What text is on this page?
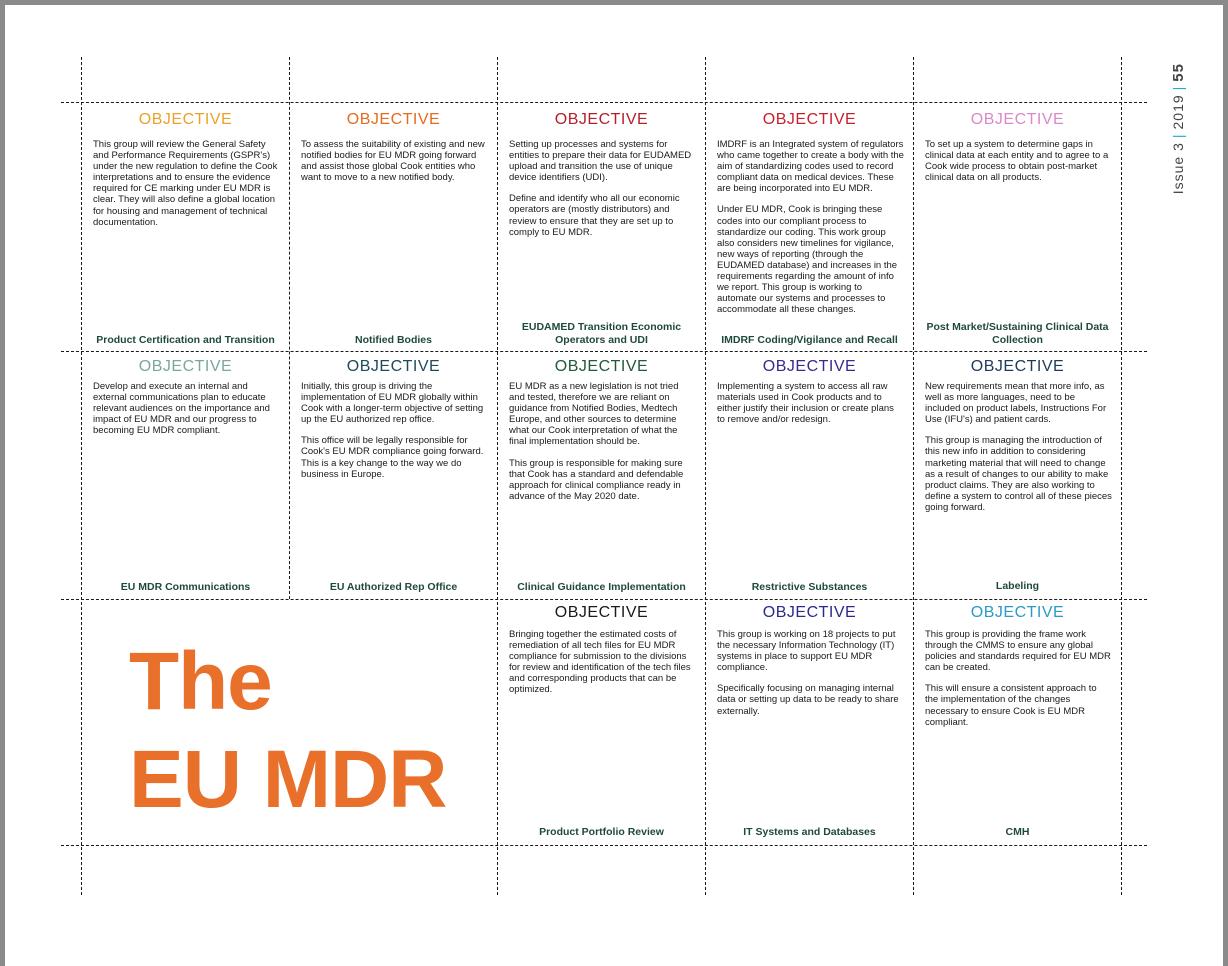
Issue 3|2019|55
The
EU MDR
OBJECTIVE

This group will review the General Safety and Performance Requirements (GSPR's) under the new regulation to define the Cook interpretations and to ensure the evidence required for CE marking under EU MDR is clear. They will also define a global location for housing and management of technical documentation.

Product Certification and Transition
OBJECTIVE

To assess the suitability of existing and new notified bodies for EU MDR going forward and assist those global Cook entities who want to move to a new notified body.

Notified Bodies
OBJECTIVE

Setting up processes and systems for entities to prepare their data for EUDAMED upload and transition the use of unique device identifiers (UDI).

Define and identify who all our economic operators are (mostly distributors) and review to ensure that they are set up to comply to EU MDR.

EUDAMED Transition Economic Operators and UDI
OBJECTIVE

IMDRF is an Integrated system of regulators who came together to create a body with the aim of standardizing codes used to record compliant data on medical devices. These are being incorporated into EU MDR.

Under EU MDR, Cook is bringing these codes into our compliant process to standardize our coding. This work group also considers new timelines for vigilance, new ways of reporting (through the EUDAMED database) and increases in the requirements regarding the amount of info we report. This group is working to automate our systems and processes to accommodate all these changes.

IMDRF Coding/Vigilance and Recall
OBJECTIVE

To set up a system to determine gaps in clinical data at each entity and to agree to a Cook wide process to obtain post-market clinical data on all products.

Post Market/Sustaining Clinical Data Collection
OBJECTIVE

Develop and execute an internal and external communications plan to educate relevant audiences on the importance and impact of EU MDR and our progress to becoming EU MDR compliant.

EU MDR Communications
OBJECTIVE

Initially, this group is driving the implementation of EU MDR globally within Cook with a longer-term objective of setting up the EU authorized rep office.

This office will be legally responsible for Cook's EU MDR compliance going forward. This is a key change to the way we do business in Europe.

EU Authorized Rep Office
OBJECTIVE

EU MDR as a new legislation is not tried and tested, therefore we are reliant on guidance from Notified Bodies, Medtech Europe, and other sources to determine what our Cook interpretation of what the final implementation should be.

This group is responsible for making sure that Cook has a standard and defendable approach for clinical compliance ready in advance of the May 2020 date.

Clinical Guidance Implementation
OBJECTIVE

Implementing a system to access all raw materials used in Cook products and to either justify their inclusion or create plans to remove and/or redesign.

Restrictive Substances
OBJECTIVE

New requirements mean that more info, as well as more languages, need to be included on product labels, Instructions For Use (IFU's) and patient cards.

This group is managing the introduction of this new info in addition to considering marketing material that will need to change as a result of changes to our ability to make product claims. They are also working to define a system to control all of these pieces going forward.

Labeling
OBJECTIVE

Bringing together the estimated costs of remediation of all tech files for EU MDR compliance for submission to the divisions for review and identification of the tech files and corresponding products that can be optimized.

Product Portfolio Review
OBJECTIVE

This group is working on 18 projects to put the necessary Information Technology (IT) systems in place to support EU MDR compliance.

Specifically focusing on managing internal data or setting up data to be ready to share externally.

IT Systems and Databases
OBJECTIVE

This group is providing the frame work through the CMMS to ensure any global policies and standards required for EU MDR can be created.

This will ensure a consistent approach to the implementation of the changes necessary to ensure Cook is EU MDR compliant.

CMH
